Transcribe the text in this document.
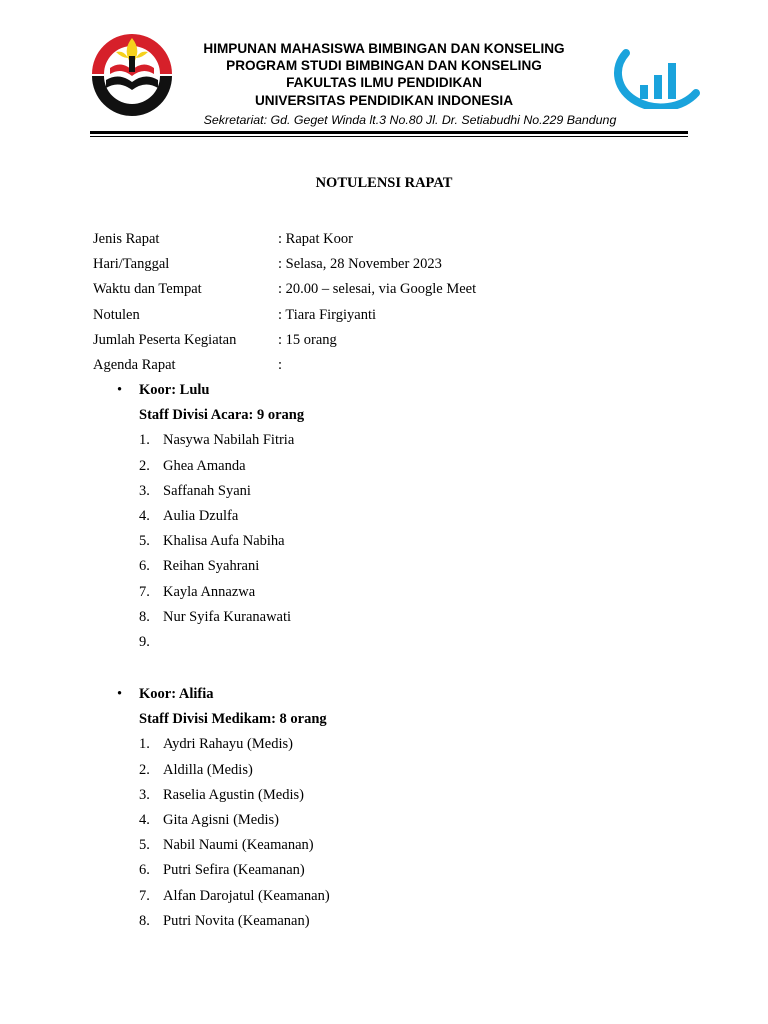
HIMPUNAN MAHASISWA BIMBINGAN DAN KONSELING
PROGRAM STUDI BIMBINGAN DAN KONSELING
FAKULTAS ILMU PENDIDIKAN
UNIVERSITAS PENDIDIKAN INDONESIA
Sekretariat: Gd. Geget Winda lt.3 No.80 Jl. Dr. Setiabudhi No.229 Bandung
NOTULENSI RAPAT
Jenis Rapat	: Rapat Koor
Hari/Tanggal	: Selasa, 28 November 2023
Waktu dan Tempat	: 20.00 – selesai, via Google Meet
Notulen	: Tiara Firgiyanti
Jumlah Peserta Kegiatan	: 15 orang
Agenda Rapat	:
• Koor: Lulu
Staff Divisi Acara: 9 orang
1. Nasywa Nabilah Fitria
2. Ghea Amanda
3. Saffanah Syani
4. Aulia Dzulfa
5. Khalisa Aufa Nabiha
6. Reihan Syahrani
7. Kayla Annazwa
8. Nur Syifa Kuranawati
9.
• Koor: Alifia
Staff Divisi Medikam: 8 orang
1. Aydri Rahayu (Medis)
2. Aldilla (Medis)
3. Raselia Agustin (Medis)
4. Gita Agisni (Medis)
5. Nabil Naumi (Keamanan)
6. Putri Sefira (Keamanan)
7. Alfan Darojatul (Keamanan)
8. Putri Novita (Keamanan)
